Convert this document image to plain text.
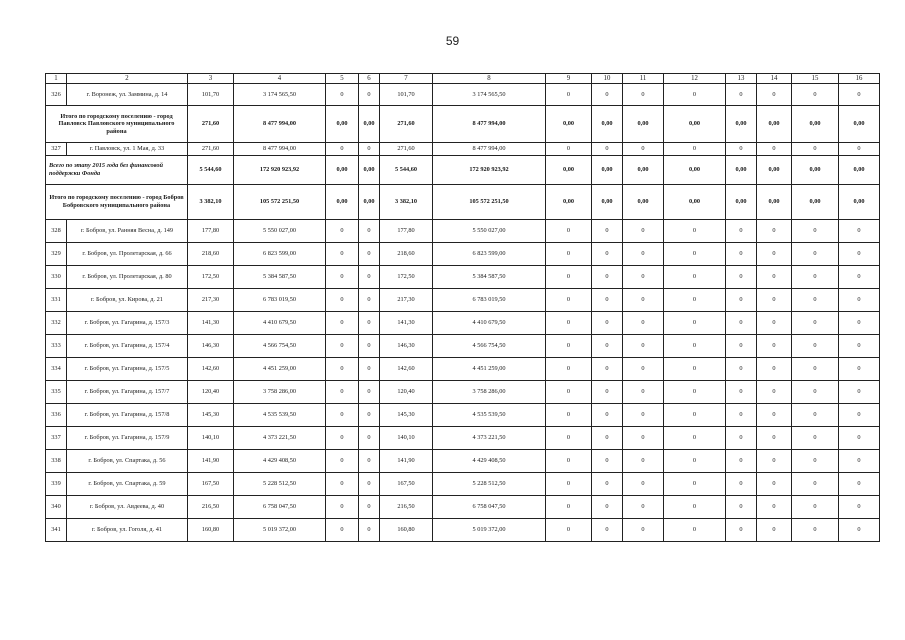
59
1	2	3	4	5	6	7	8	9	10	11	12	13	14	15	16
326	г. Воронеж, ул. Заммина, д. 14	101,70	3 174 565,50	0	0	101,70	3 174 565,50	0	0	0	0	0	0	0	0
Итого по городскому поселению - город Павловск Павловского муниципального района		271,60	8 477 994,00	0,00	0,00	271,60	8 477 994,00	0,00	0,00	0,00	0,00	0,00	0,00	0,00	0,00
327	г. Павловск, ул. 1 Мая, д. 33	271,60	8 477 994,00	0	0	271,60	8 477 994,00	0	0	0	0	0	0	0	0
Всего по этапу 2015 года без финансовой поддержки Фонда		5 544,60	172 920 923,92	0,00	0,00	5 544,60	172 920 923,92	0,00	0,00	0,00	0,00	0,00	0,00	0,00	0,00
Итого по городскому поселению - город Бобров Бобровского муниципального района		3 382,10	105 572 251,50	0,00	0,00	3 382,10	105 572 251,50	0,00	0,00	0,00	0,00	0,00	0,00	0,00	0,00
328	г. Бобров, ул. Ранняя Весна, д. 149	177,80	5 550 027,00	0	0	177,80	5 550 027,00	0	0	0	0	0	0	0	0
329	г. Бобров, ул. Пролетарская, д. 66	218,60	6 823 599,00	0	0	218,60	6 823 599,00	0	0	0	0	0	0	0	0
330	г. Бобров, ул. Пролетарская, д. 80	172,50	5 384 587,50	0	0	172,50	5 384 587,50	0	0	0	0	0	0	0	0
331	г. Бобров, ул. Кирова, д. 21	217,30	6 783 019,50	0	0	217,30	6 783 019,50	0	0	0	0	0	0	0	0
332	г. Бобров, ул. Гагарина, д. 157/3	141,30	4 410 679,50	0	0	141,30	4 410 679,50	0	0	0	0	0	0	0	0
333	г. Бобров, ул. Гагарина, д. 157/4	146,30	4 566 754,50	0	0	146,30	4 566 754,50	0	0	0	0	0	0	0	0
334	г. Бобров, ул. Гагарина, д. 157/5	142,60	4 451 259,00	0	0	142,60	4 451 259,00	0	0	0	0	0	0	0	0
335	г. Бобров, ул. Гагарина, д. 157/7	120,40	3 758 286,00	0	0	120,40	3 758 286,00	0	0	0	0	0	0	0	0
336	г. Бобров, ул. Гагарина, д. 157/8	145,30	4 535 539,50	0	0	145,30	4 535 539,50	0	0	0	0	0	0	0	0
337	г. Бобров, ул. Гагарина, д. 157/9	140,10	4 373 221,50	0	0	140,10	4 373 221,50	0	0	0	0	0	0	0	0
338	г. Бобров, ул. Спартака, д. 56	141,90	4 429 408,50	0	0	141,90	4 429 408,50	0	0	0	0	0	0	0	0
339	г. Бобров, ул. Спартака, д. 59	167,50	5 228 512,50	0	0	167,50	5 228 512,50	0	0	0	0	0	0	0	0
340	г. Бобров, ул. Авдеева, д. 40	216,50	6 758 047,50	0	0	216,50	6 758 047,50	0	0	0	0	0	0	0	0
341	г. Бобров, ул. Гоголя, д. 41	160,80	5 019 372,00	0	0	160,80	5 019 372,00	0	0	0	0	0	0	0	0
